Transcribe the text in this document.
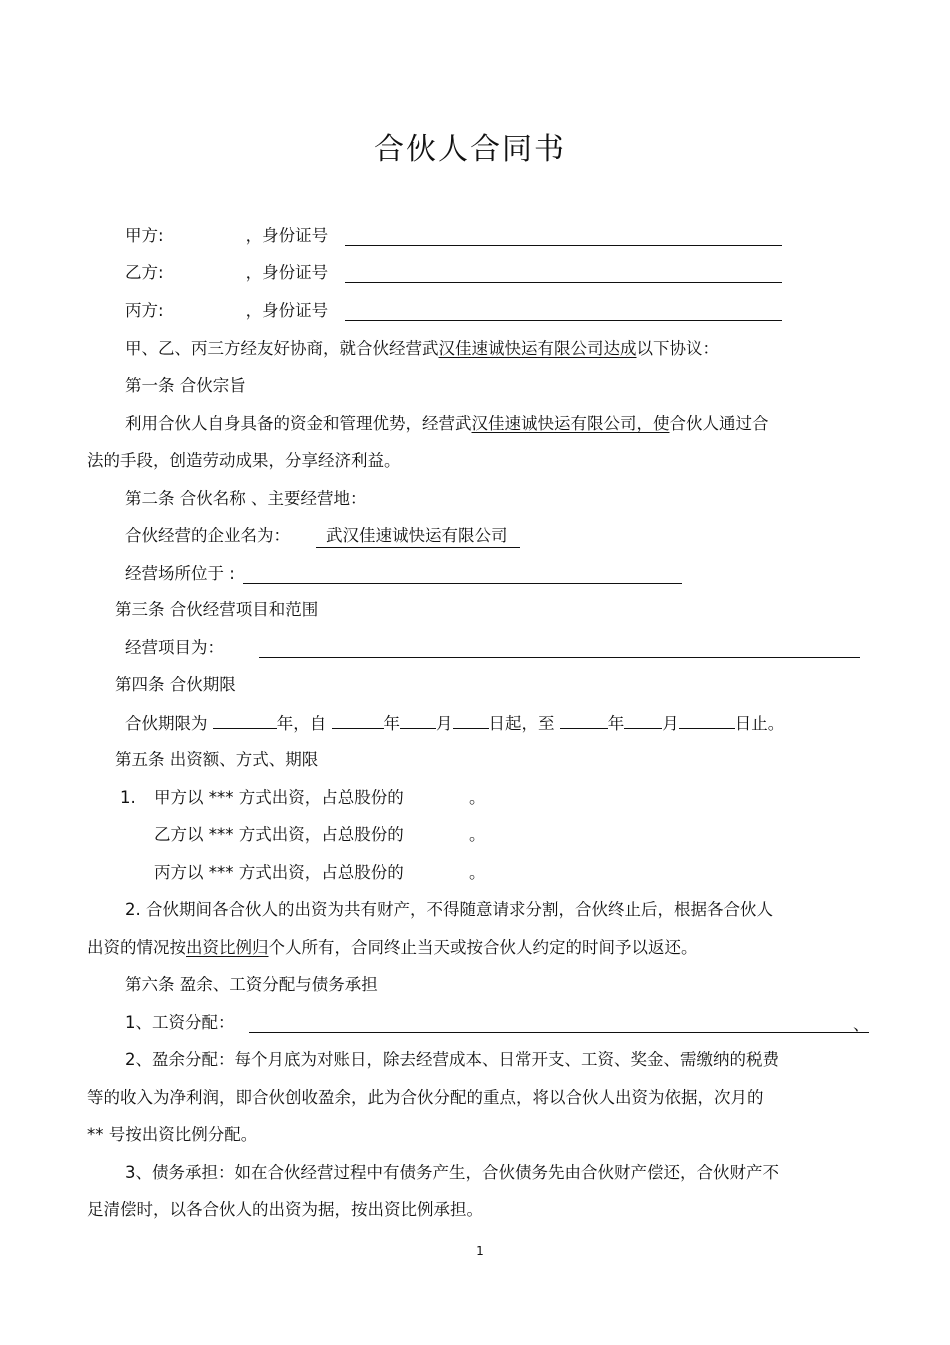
合伙人合同书
甲方:	，身份证号
乙方:	，身份证号
丙方:	，身份证号
甲、乙、丙三方经友好协商，就合伙经营武汉佳速诚快运有限公司达成以下协议：
第一条 合伙宗旨
利用合伙人自身具备的资金和管理优势，经营武汉佳速诚快运有限公司，使合伙人通过合
法的手段，创造劳动成果，分享经济利益。
第二条 合伙名称 、主要经营地：
合伙经营的企业名为：	武汉佳速诚快运有限公司
经营场所位于 :
第三条 合伙经营项目和范围
经营项目为：
第四条 合伙期限
合伙期限为	年，自	年 月 日起，至	年 月	日止。
第五条 出资额、方式、期限
1. 甲方以 *** 方式出资，占总股份的	。
乙方以 *** 方式出资，占总股份的	。
丙方以 *** 方式出资，占总股份的	。
2. 合伙期间各合伙人的出资为共有财产，不得随意请求分割，合伙终止后，根据各合伙人
出资的情况按出资比例归个人所有，合同终止当天或按合伙人约定的时间予以返还。
第六条 盈余、工资分配与债务承担
1、工资分配：	、
2、盈余分配：每个月底为对账日，除去经营成本、日常开支、工资、奖金、需缴纳的税费
等的收入为净利润，即合伙创收盈余，此为合伙分配的重点，将以合伙人出资为依据，次月的
** 号按出资比例分配。
3、债务承担：如在合伙经营过程中有债务产生，合伙债务先由合伙财产偿还，合伙财产不
足清偿时，以各合伙人的出资为据，按出资比例承担。
1
